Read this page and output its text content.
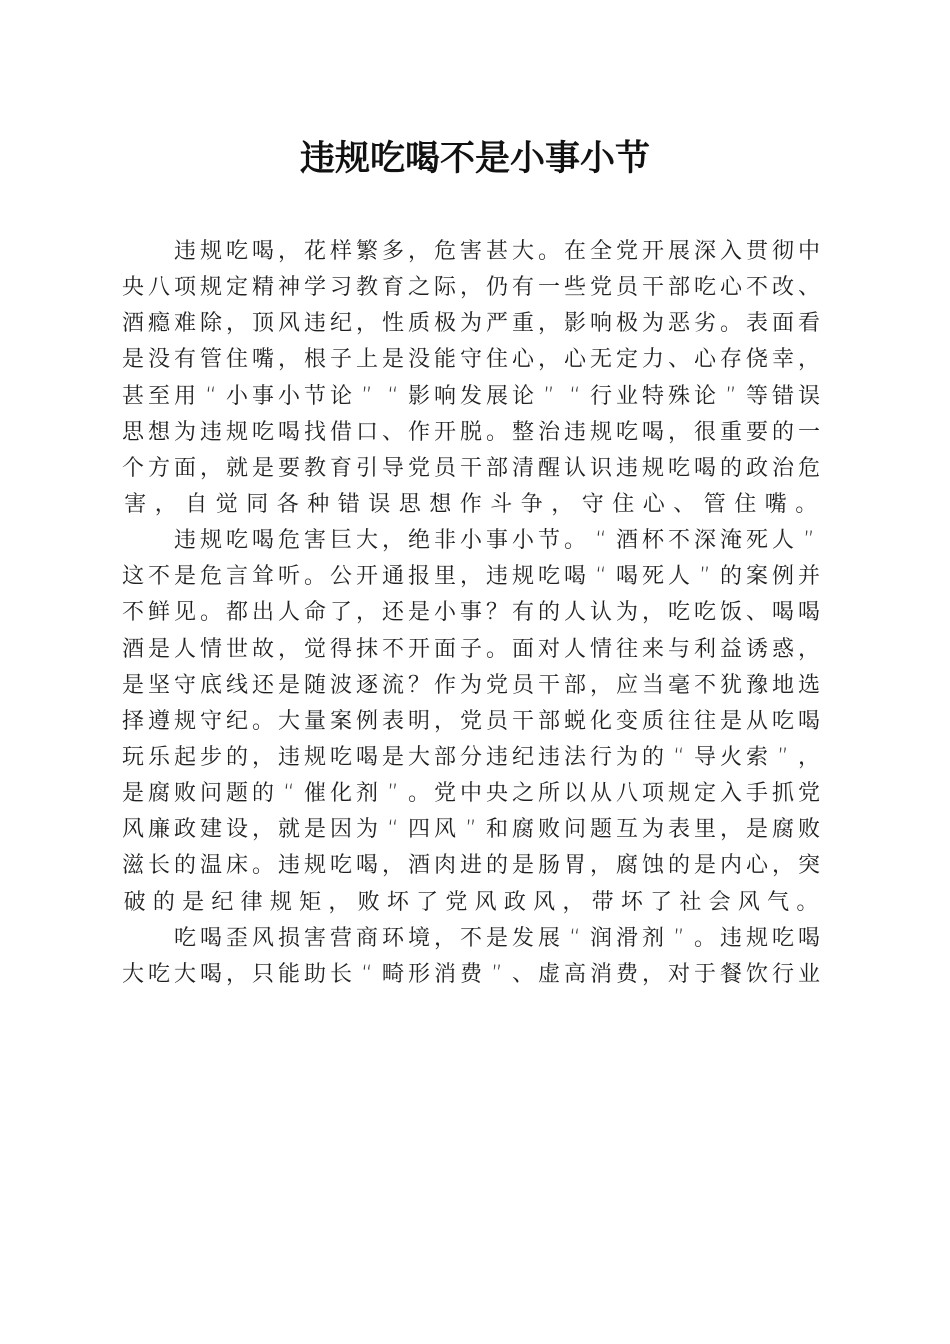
违规吃喝不是小事小节

违 规 吃 喝 ， 花 样 繁 多 ， 危 害 甚 大 。 在 全 党 开 展 深 入 贯 彻 中
央 八 项 规 定 精 神 学 习 教 育 之 际 ， 仍 有 一 些 党 员 干 部 吃 心 不 改 、
酒 瘾 难 除 ， 顶 风 违 纪 ， 性 质 极 为 严 重 ， 影 响 极 为 恶 劣 。 表 面 看
是 没 有 管 住 嘴 ， 根 子 上 是 没 能 守 住 心 ， 心 无 定 力 、 心 存 侥 幸 ，
甚 至 用 “ 小 事 小 节 论 ” “ 影 响 发 展 论 ” “ 行 业 特 殊 论 ” 等 错 误
思 想 为 违 规 吃 喝 找 借 口 、 作 开 脱 。 整 治 违 规 吃 喝 ， 很 重 要 的 一
个 方 面 ， 就 是 要 教 育 引 导 党 员 干 部 清 醒 认 识 违 规 吃 喝 的 政 治 危
害 ， 自 觉 同 各 种 错 误 思 想 作 斗 争 ， 守 住 心 、 管 住 嘴 。

违 规 吃 喝 危 害 巨 大 ， 绝 非 小 事 小 节 。 “ 酒 杯 不 深 淹 死 人 ”
这 不 是 危 言 耸 听 。 公 开 通 报 里 ， 违 规 吃 喝 “ 喝 死 人 ” 的 案 例 并
不 鲜 见 。 都 出 人 命 了 ， 还 是 小 事 ？ 有 的 人 认 为 ， 吃 吃 饭 、 喝 喝
酒 是 人 情 世 故 ， 觉 得 抹 不 开 面 子 。 面 对 人 情 往 来 与 利 益 诱 惑 ，
是 坚 守 底 线 还 是 随 波 逐 流 ？ 作 为 党 员 干 部 ， 应 当 毫 不 犹 豫 地 选
择 遵 规 守 纪 。 大 量 案 例 表 明 ， 党 员 干 部 蜕 化 变 质 往 往 是 从 吃 喝
玩 乐 起 步 的 ， 违 规 吃 喝 是 大 部 分 违 纪 违 法 行 为 的 “ 导 火 索 ” ，
是 腐 败 问 题 的 “ 催 化 剂 ” 。 党 中 央 之 所 以 从 八 项 规 定 入 手 抓 党
风 廉 政 建 设 ， 就 是 因 为 “ 四 风 ” 和 腐 败 问 题 互 为 表 里 ， 是 腐 败
滋 长 的 温 床 。 违 规 吃 喝 ， 酒 肉 进 的 是 肠 胃 ， 腐 蚀 的 是 内 心 ， 突
破 的 是 纪 律 规 矩 ， 败 坏 了 党 风 政 风 ， 带 坏 了 社 会 风 气 。

吃 喝 歪 风 损 害 营 商 环 境 ， 不 是 发 展 “ 润 滑 剂 ” 。 违 规 吃 喝
大 吃 大 喝 ， 只 能 助 长 “ 畸 形 消 费 ” 、 虚 高 消 费 ， 对 于 餐 饮 行 业
